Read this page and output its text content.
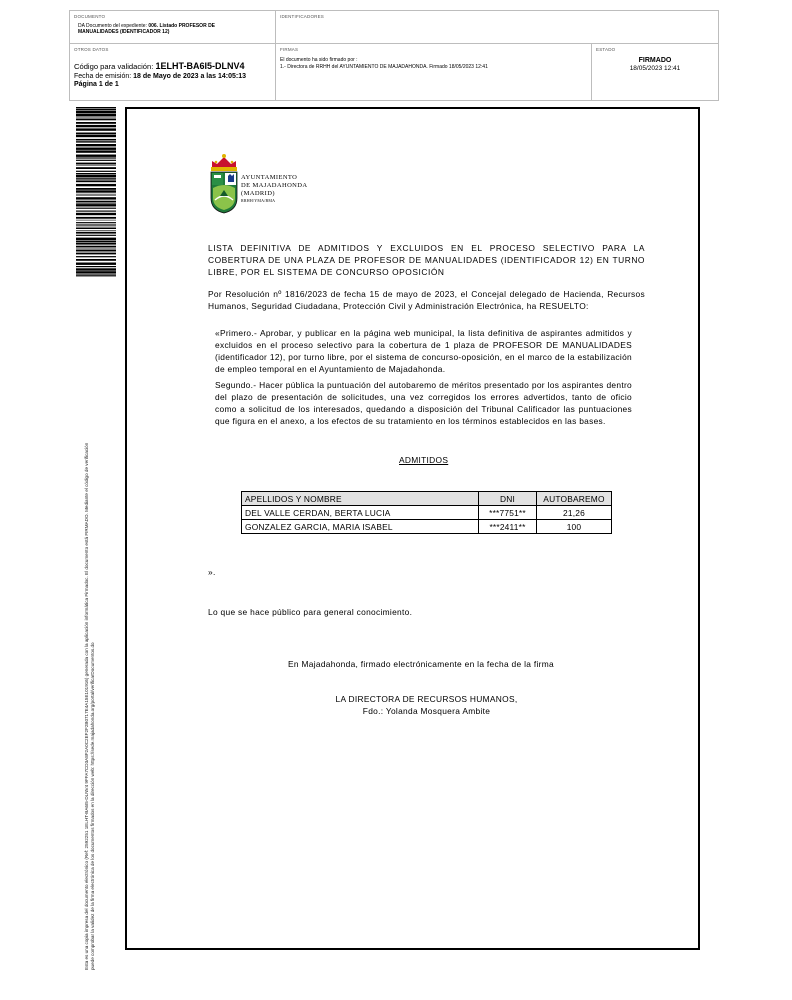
DOCUMENTO
DA Documento del expediente: 006. Listado PROFESOR DE
MANUALIDADES (IDENTIFICADOR 12)
IDENTIFICADORES
OTROS DATOS
Código para validación: 1ELHT-BA6I5-DLNV4
Fecha de emisión: 18 de Mayo de 2023 a las 14:05:13
Página 1 de 1
FIRMAS
El documento ha sido firmado por :
1.- Directora de RRHH del AYUNTAMIENTO DE MAJADAHONDA. Firmado 18/05/2023 12:41
ESTADO
FIRMADO
18/05/2023 12:41
Esta es una copia impresa del documento electrónico (Ref: 2592251 1ELHT-BA6I5-DLNV4 9FFA7CD3A8F2A0C2EF2F2B0717E4A15E101916) generada con la aplicación informática Firmadoc. El documento está FIRMADO. Mediante el código de verificación puede comprobar la validez de la firma electrónica de los documentos firmados en la dirección web: https://sede.majadahonda.org/portal/verificarDocumentos.do
AYUNTAMIENTO
DE MAJADAHONDA
(MADRID)
RRHH/YMA/BMA
LISTA DEFINITIVA DE ADMITIDOS Y EXCLUIDOS EN EL PROCESO SELECTIVO PARA LA COBERTURA DE UNA PLAZA DE PROFESOR DE MANUALIDADES (IDENTIFICADOR 12) EN TURNO LIBRE, POR EL SISTEMA DE CONCURSO OPOSICIÓN
Por Resolución nº 1816/2023 de fecha 15 de mayo de 2023, el Concejal delegado de Hacienda, Recursos Humanos, Seguridad Ciudadana, Protección Civil y Administración Electrónica, ha RESUELTO:
«Primero.- Aprobar, y publicar en la página web municipal, la lista definitiva de aspirantes admitidos y excluidos en el proceso selectivo para la cobertura de 1 plaza de PROFESOR DE MANUALIDADES (identificador 12), por turno libre, por el sistema de concurso-oposición, en el marco de la estabilización de empleo temporal en el Ayuntamiento de Majadahonda.
Segundo.- Hacer pública la puntuación del autobaremo de méritos presentado por los aspirantes dentro del plazo de presentación de solicitudes, una vez corregidos los errores advertidos, tanto de oficio como a solicitud de los interesados, quedando a disposición del Tribunal Calificador las puntuaciones que figura en el anexo, a los efectos de su tratamiento en los términos establecidos en las bases.
ADMITIDOS
APELLIDOS Y NOMBRE	DNI	AUTOBAREMO
DEL VALLE CERDAN, BERTA LUCIA	***7751**	21,26
GONZALEZ GARCIA, MARIA ISABEL	***2411**	100
».
Lo que se hace público para general conocimiento.
En Majadahonda, firmado electrónicamente en la fecha de la firma
LA DIRECTORA DE RECURSOS HUMANOS,
Fdo.: Yolanda Mosquera Ambite
